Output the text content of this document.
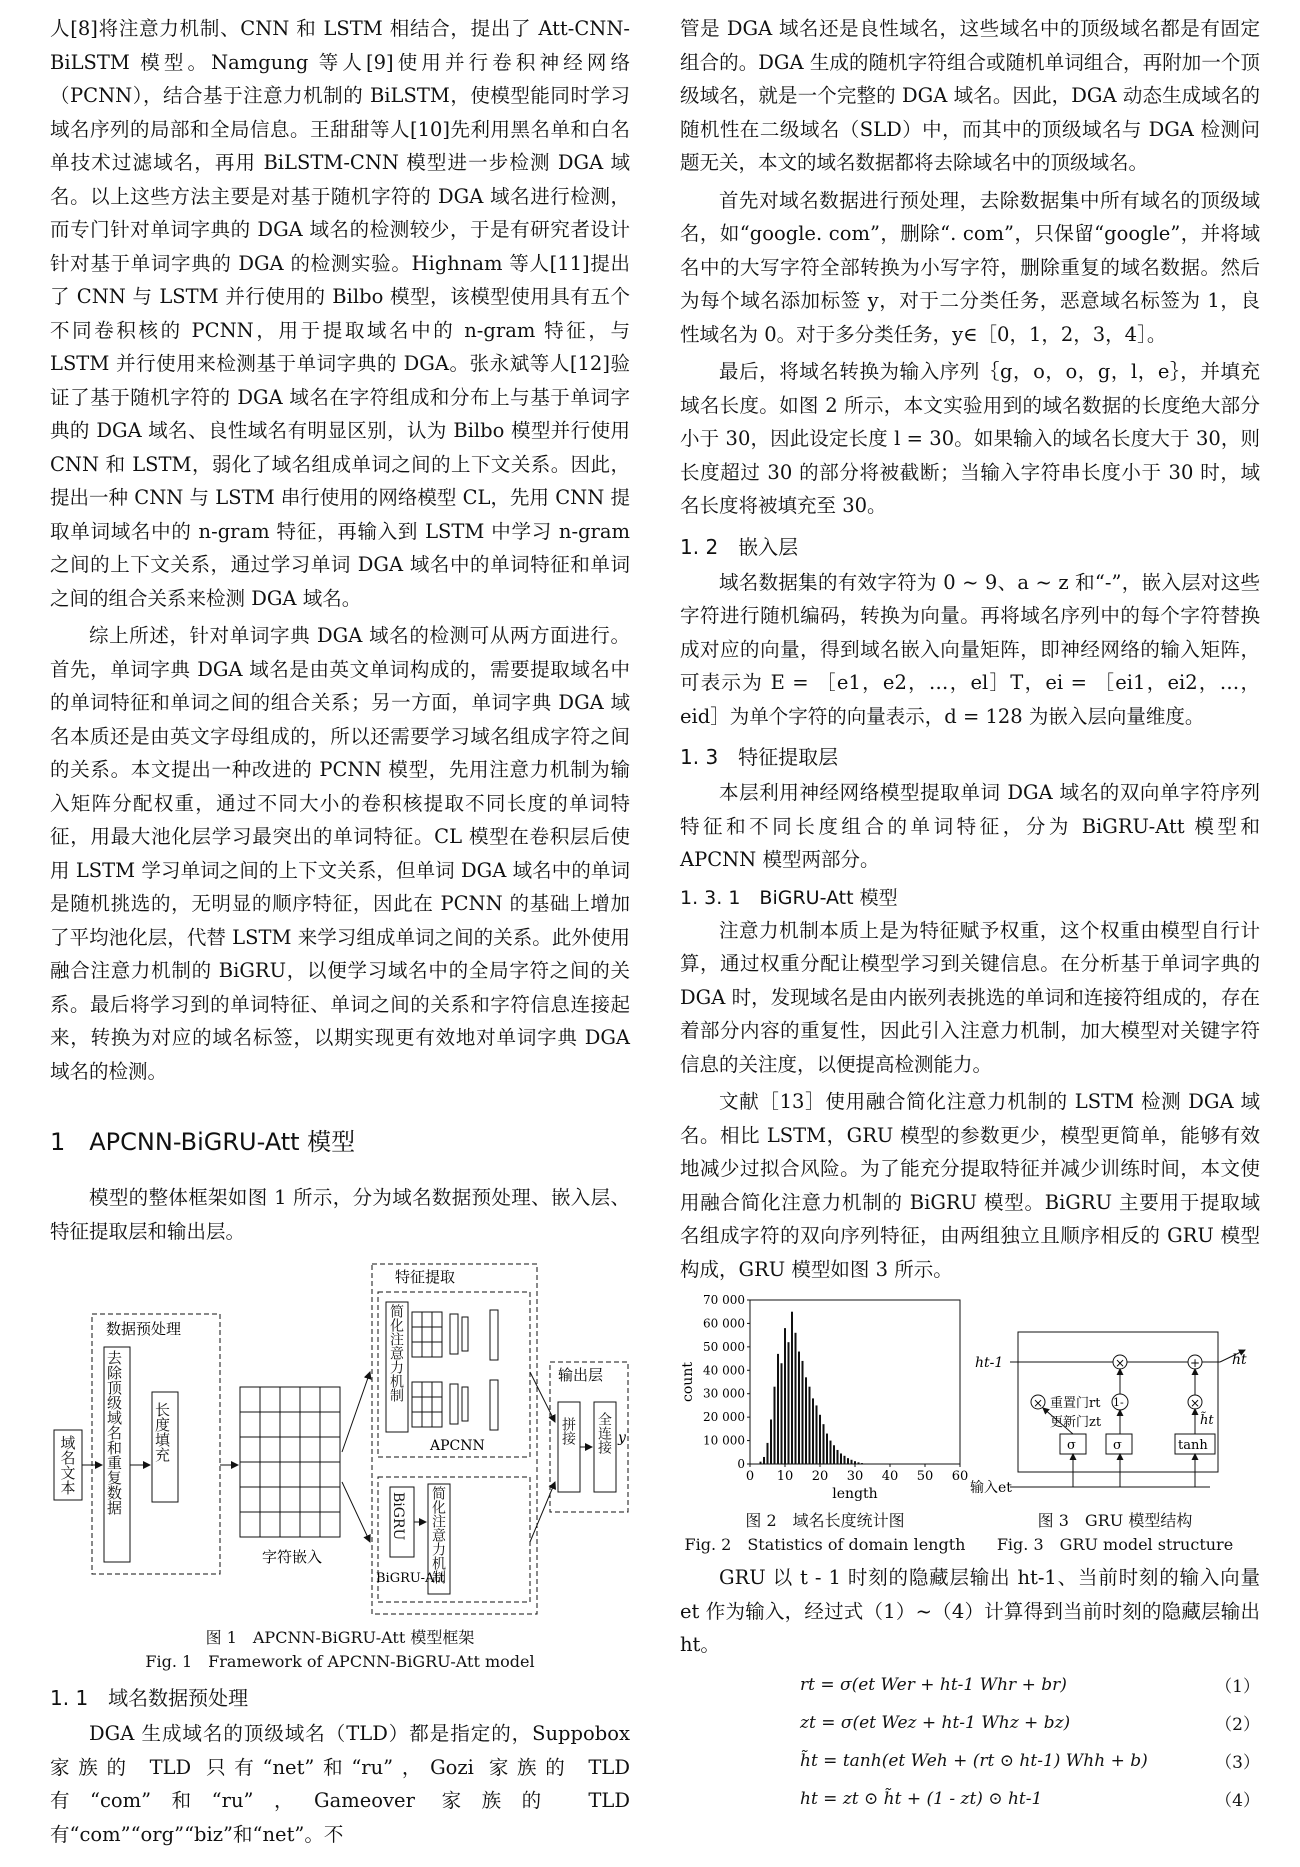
人[8]将注意力机制、CNN 和 LSTM 相结合，提出了 Att-CNN-BiLSTM 模型。Namgung 等人[9]使用并行卷积神经网络（PCNN），结合基于注意力机制的 BiLSTM，使模型能同时学习域名序列的局部和全局信息。王甜甜等人[10]先利用黑名单和白名单技术过滤域名，再用 BiLSTM-CNN 模型进一步检测 DGA 域名。以上这些方法主要是对基于随机字符的 DGA 域名进行检测，而专门针对单词字典的 DGA 域名的检测较少，于是有研究者设计针对基于单词字典的 DGA 的检测实验。Highnam 等人[11]提出了 CNN 与 LSTM 并行使用的 Bilbo 模型，该模型使用具有五个不同卷积核的 PCNN，用于提取域名中的 n-gram 特征，与 LSTM 并行使用来检测基于单词字典的 DGA。张永斌等人[12]验证了基于随机字符的 DGA 域名在字符组成和分布上与基于单词字典的 DGA 域名、良性域名有明显区别，认为 Bilbo 模型并行使用 CNN 和 LSTM，弱化了域名组成单词之间的上下文关系。因此，提出一种 CNN 与 LSTM 串行使用的网络模型 CL，先用 CNN 提取单词域名中的 n-gram 特征，再输入到 LSTM 中学习 n-gram 之间的上下文关系，通过学习单词 DGA 域名中的单词特征和单词之间的组合关系来检测 DGA 域名。

综上所述，针对单词字典 DGA 域名的检测可从两方面进行。首先，单词字典 DGA 域名是由英文单词构成的，需要提取域名中的单词特征和单词之间的组合关系；另一方面，单词字典 DGA 域名本质还是由英文字母组成的，所以还需要学习域名组成字符之间的关系。本文提出一种改进的 PCNN 模型，先用注意力机制为输入矩阵分配权重，通过不同大小的卷积核提取不同长度的单词特征，用最大池化层学习最突出的单词特征。CL 模型在卷积层后使用 LSTM 学习单词之间的上下文关系，但单词 DGA 域名中的单词是随机挑选的，无明显的顺序特征，因此在 PCNN 的基础上增加了平均池化层，代替 LSTM 来学习组成单词之间的关系。此外使用融合注意力机制的 BiGRU，以便学习域名中的全局字符之间的关系。最后将学习到的单词特征、单词之间的关系和字符信息连接起来，转换为对应的域名标签，以期实现更有效地对单词字典 DGA 域名的检测。

1　APCNN-BiGRU-Att 模型

模型的整体框架如图 1 所示，分为域名数据预处理、嵌入层、特征提取层和输出层。

数据预处理
域名文本 去除顶级域名和重复数据 长度填充
字符嵌入
特征提取
简化注意力机制
APCNN
BiGRU 简化注意力机制
BiGRU-Att
输出层
拼接 全连接 y

图 1　APCNN-BiGRU-Att 模型框架

Fig. 1　Framework of APCNN-BiGRU-Att model

1. 1　域名数据预处理

DGA 生成域名的顶级域名（TLD）都是指定的，Suppobox 家族的 TLD 只有“net”和“ru”，Gozi 家族的 TLD 有“com”和“ru”，Gameover 家族的 TLD 有“com”“org”“biz”和“net”。不

管是 DGA 域名还是良性域名，这些域名中的顶级域名都是有固定组合的。DGA 生成的随机字符组合或随机单词组合，再附加一个顶级域名，就是一个完整的 DGA 域名。因此，DGA 动态生成域名的随机性在二级域名（SLD）中，而其中的顶级域名与 DGA 检测问题无关，本文的域名数据都将去除域名中的顶级域名。

首先对域名数据进行预处理，去除数据集中所有域名的顶级域名，如“google. com”，删除“. com”，只保留“google”，并将域名中的大写字符全部转换为小写字符，删除重复的域名数据。然后为每个域名添加标签 y，对于二分类任务，恶意域名标签为 1，良性域名为 0。对于多分类任务，y∈［0，1，2，3，4］。

最后，将域名转换为输入序列｛g，o，o，g，l，e｝，并填充域名长度。如图 2 所示，本文实验用到的域名数据的长度绝大部分小于 30，因此设定长度 l = 30。如果输入的域名长度大于 30，则长度超过 30 的部分将被截断；当输入字符串长度小于 30 时，域名长度将被填充至 30。

1. 2　嵌入层

域名数据集的有效字符为 0 ~ 9、a ~ z 和“-”，嵌入层对这些字符进行随机编码，转换为向量。再将域名序列中的每个字符替换成对应的向量，得到域名嵌入向量矩阵，即神经网络的输入矩阵，可表示为 E = ［e1，e2，…，el］T，ei = ［ei1，ei2，…，eid］为单个字符的向量表示，d = 128 为嵌入层向量维度。

1. 3　特征提取层

本层利用神经网络模型提取单词 DGA 域名的双向单字符序列特征和不同长度组合的单词特征，分为 BiGRU-Att 模型和 APCNN 模型两部分。

1. 3. 1　BiGRU-Att 模型

注意力机制本质上是为特征赋予权重，这个权重由模型自行计算，通过权重分配让模型学习到关键信息。在分析基于单词字典的 DGA 时，发现域名是由内嵌列表挑选的单词和连接符组成的，存在着部分内容的重复性，因此引入注意力机制，加大模型对关键字符信息的关注度，以便提高检测能力。

文献［13］使用融合简化注意力机制的 LSTM 检测 DGA 域名。相比 LSTM，GRU 模型的参数更少，模型更简单，能够有效地减少过拟合风险。为了能充分提取特征并减少训练时间，本文使用融合简化注意力机制的 BiGRU 模型。BiGRU 主要用于提取域名组成字符的双向序列特征，由两组独立且顺序相反的 GRU 模型构成，GRU 模型如图 3 所示。

0
10 000
20 000
30 000
40 000
50 000
60 000
70 000
0 10 20 30 40 50 60
length
count	ht-1	ht
×
×	+
×
1-
重置门rt
更新门zt
σ	σ	tanh
h̃t
输入et

图 2　域名长度统计图

Fig. 2　Statistics of domain length

图 3　GRU 模型结构

Fig. 3　GRU model structure

GRU 以 t - 1 时刻的隐藏层输出 ht-1、当前时刻的输入向量 et 作为输入，经过式（1）~（4）计算得到当前时刻的隐藏层输出 ht。

rt = σ(et Wer + ht-1 Whr + br)	（1）
zt = σ(et Wez + ht-1 Whz + bz)	（2）
h̃t = tanh(et Weh + (rt ⊙ ht-1) Whh + b)	（3）
ht = zt ⊙ h̃t + (1 - zt) ⊙ ht-1	（4）
